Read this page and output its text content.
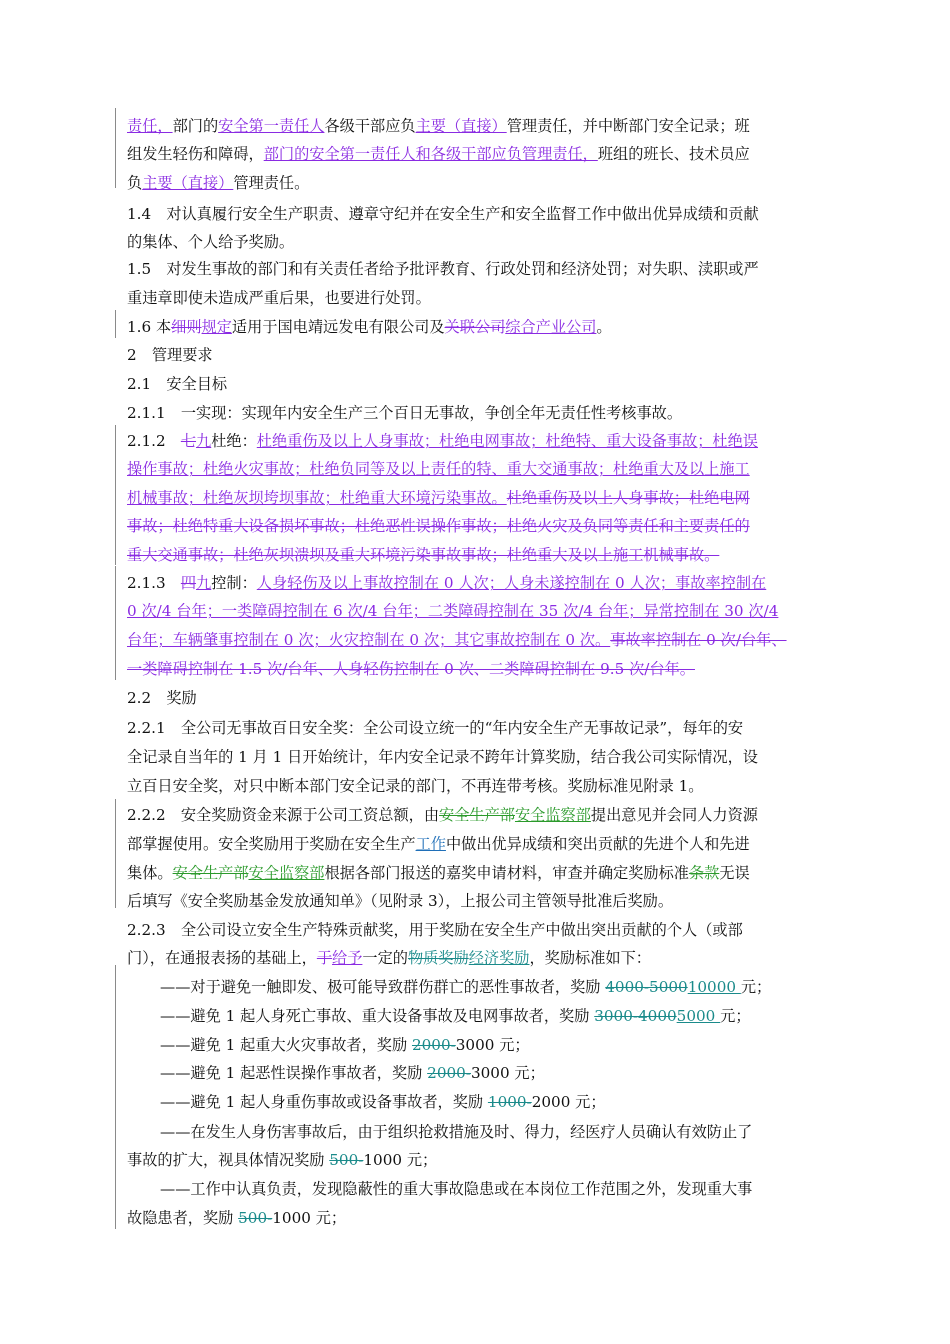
责任，部门的安全第一责任人各级干部应负主要（直接）管理责任，并中断部门安全记录；班
组发生轻伤和障碍，部门的安全第一责任人和各级干部应负管理责任，班组的班长、技术员应
负主要（直接）管理责任。
1.4　对认真履行安全生产职责、遵章守纪并在安全生产和安全监督工作中做出优异成绩和贡献
的集体、个人给予奖励。
1.5　对发生事故的部门和有关责任者给予批评教育、行政处罚和经济处罚；对失职、渎职或严
重违章即使未造成严重后果，也要进行处罚。
1.6 本细则规定适用于国电靖远发电有限公司及关联公司综合产业公司。
2　管理要求
2.1　安全目标
2.1.1　一实现：实现年内安全生产三个百日无事故，争创全年无责任性考核事故。
2.1.2　七九杜绝：杜绝重伤及以上人身事故；杜绝电网事故；杜绝特、重大设备事故；杜绝误
操作事故；杜绝火灾事故；杜绝负同等及以上责任的特、重大交通事故；杜绝重大及以上施工
机械事故；杜绝灰坝垮坝事故；杜绝重大环境污染事故。杜绝重伤及以上人身事故；杜绝电网
事故；杜绝特重大设备损坏事故；杜绝恶性误操作事故；杜绝火灾及负同等责任和主要责任的
重大交通事故；杜绝灰坝溃坝及重大环境污染事故事故；杜绝重大及以上施工机械事故。
2.1.3　四九控制：人身轻伤及以上事故控制在 0 人次；人身未遂控制在 0 人次；事故率控制在
0 次/4 台年；一类障碍控制在 6 次/4 台年；二类障碍控制在 35 次/4 台年；异常控制在 30 次/4
台年；车辆肇事控制在 0 次；火灾控制在 0 次；其它事故控制在 0 次。事故率控制在 0 次/台年、
一类障碍控制在 1.5 次/台年、人身轻伤控制在 0 次、二类障碍控制在 9.5 次/台年。
2.2　奖励
2.2.1　全公司无事故百日安全奖：全公司设立统一的“年内安全生产无事故记录”，每年的安
全记录自当年的 1 月 1 日开始统计，年内安全记录不跨年计算奖励，结合我公司实际情况，设
立百日安全奖，对只中断本部门安全记录的部门，不再连带考核。奖励标准见附录 1。
2.2.2　安全奖励资金来源于公司工资总额，由安全生产部安全监察部提出意见并会同人力资源
部掌握使用。安全奖励用于奖励在安全生产工作中做出优异成绩和突出贡献的先进个人和先进
集体。安全生产部安全监察部根据各部门报送的嘉奖申请材料，审查并确定奖励标准条款无误
后填写《安全奖励基金发放通知单》（见附录 3），上报公司主管领导批准后奖励。
2.2.3　全公司设立安全生产特殊贡献奖，用于奖励在安全生产中做出突出贡献的个人（或部
门），在通报表扬的基础上，于给予一定的物质奖励经济奖励，奖励标准如下：
——对于避免一触即发、极可能导致群伤群亡的恶性事故者，奖励 4000-500010000 元；
——避免 1 起人身死亡事故、重大设备事故及电网事故者，奖励 3000-40005000 元；
——避免 1 起重大火灾事故者，奖励 2000-3000 元；
——避免 1 起恶性误操作事故者，奖励 2000-3000 元；
——避免 1 起人身重伤事故或设备事故者，奖励 1000-2000 元；
——在发生人身伤害事故后，由于组织抢救措施及时、得力，经医疗人员确认有效防止了
事故的扩大，视具体情况奖励 500-1000 元；
——工作中认真负责，发现隐蔽性的重大事故隐患或在本岗位工作范围之外，发现重大事
故隐患者，奖励 500-1000 元；
